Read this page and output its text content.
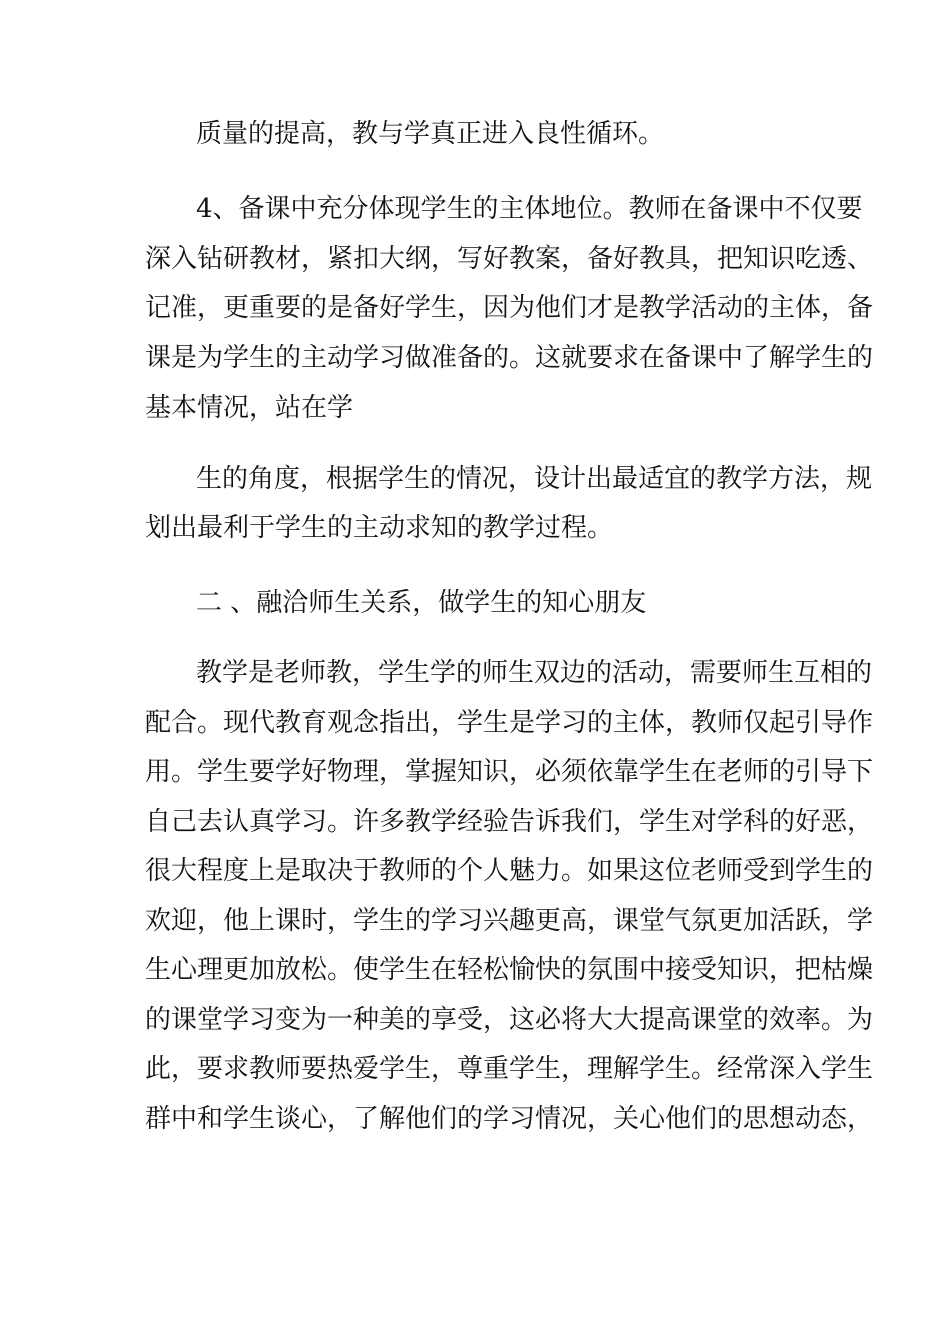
质量的提高，教与学真正进入良性循环。
4、备课中充分体现学生的主体地位。教师在备课中不仅要
深入钻研教材，紧扣大纲，写好教案，备好教具，把知识吃透、
记准，更重要的是备好学生，因为他们才是教学活动的主体，备
课是为学生的主动学习做准备的。这就要求在备课中了解学生的
基本情况，站在学
生的角度，根据学生的情况，设计出最适宜的教学方法，规
划出最利于学生的主动求知的教学过程。
二 、融洽师生关系，做学生的知心朋友
教学是老师教，学生学的师生双边的活动，需要师生互相的
配合。现代教育观念指出，学生是学习的主体，教师仅起引导作
用。学生要学好物理，掌握知识，必须依靠学生在老师的引导下
自己去认真学习。许多教学经验告诉我们，学生对学科的好恶，
很大程度上是取决于教师的个人魅力。如果这位老师受到学生的
欢迎，他上课时，学生的学习兴趣更高，课堂气氛更加活跃，学
生心理更加放松。使学生在轻松愉快的氛围中接受知识，把枯燥
的课堂学习变为一种美的享受，这必将大大提高课堂的效率。为
此，要求教师要热爱学生，尊重学生，理解学生。经常深入学生
群中和学生谈心，了解他们的学习情况，关心他们的思想动态，
